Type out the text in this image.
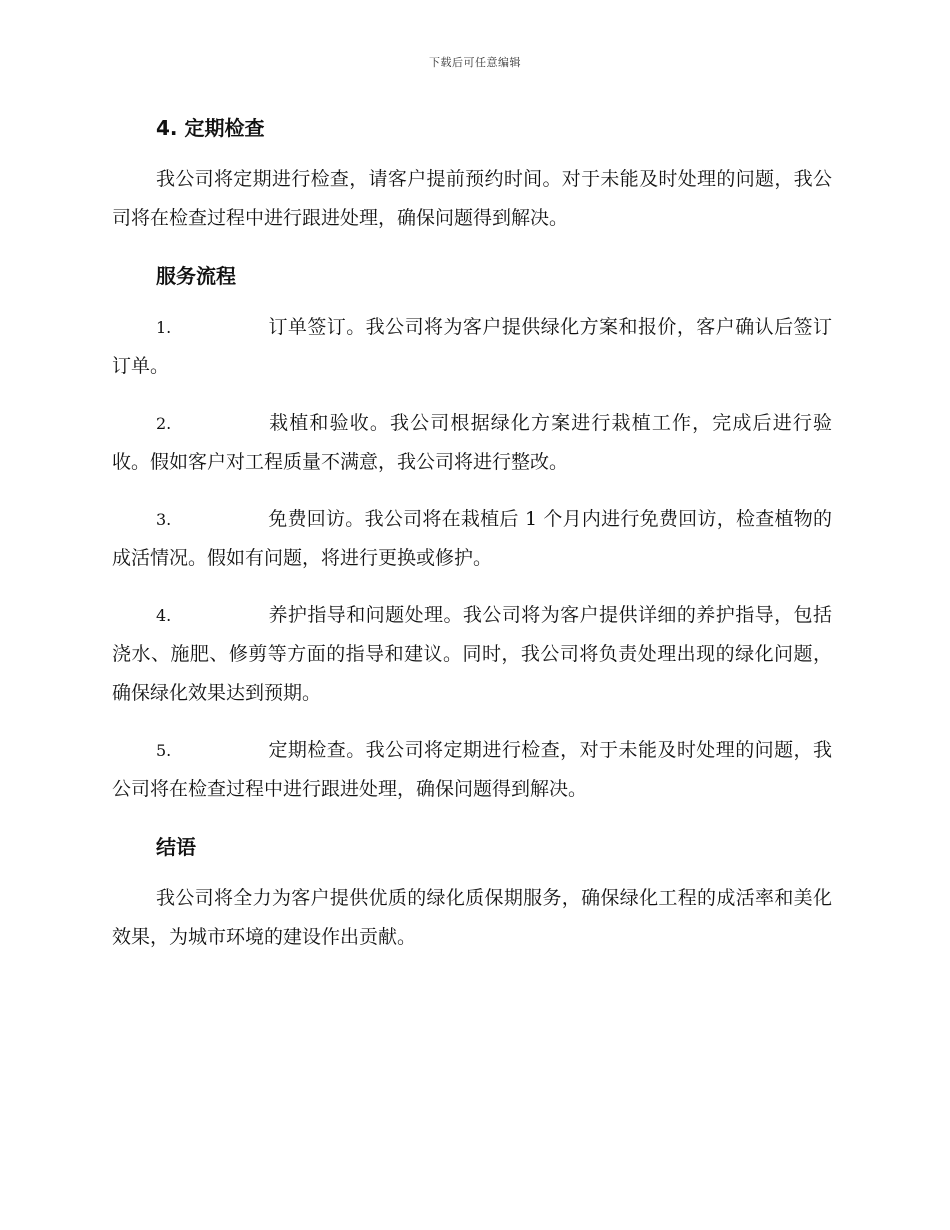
下载后可任意编辑
4. 定期检查

我公司将定期进行检查，请客户提前预约时间。对于未能及时处理的问题，我公司将在检查过程中进行跟进处理，确保问题得到解决。

服务流程

1.	订单签订。我公司将为客户提供绿化方案和报价，客户确认后签订订单。

2.	栽植和验收。我公司根据绿化方案进行栽植工作，完成后进行验收。假如客户对工程质量不满意，我公司将进行整改。

3.	免费回访。我公司将在栽植后 1 个月内进行免费回访，检查植物的成活情况。假如有问题，将进行更换或修护。

4.	养护指导和问题处理。我公司将为客户提供详细的养护指导，包括浇水、施肥、修剪等方面的指导和建议。同时，我公司将负责处理出现的绿化问题，确保绿化效果达到预期。

5.	定期检查。我公司将定期进行检查，对于未能及时处理的问题，我公司将在检查过程中进行跟进处理，确保问题得到解决。

结语

我公司将全力为客户提供优质的绿化质保期服务，确保绿化工程的成活率和美化效果，为城市环境的建设作出贡献。
